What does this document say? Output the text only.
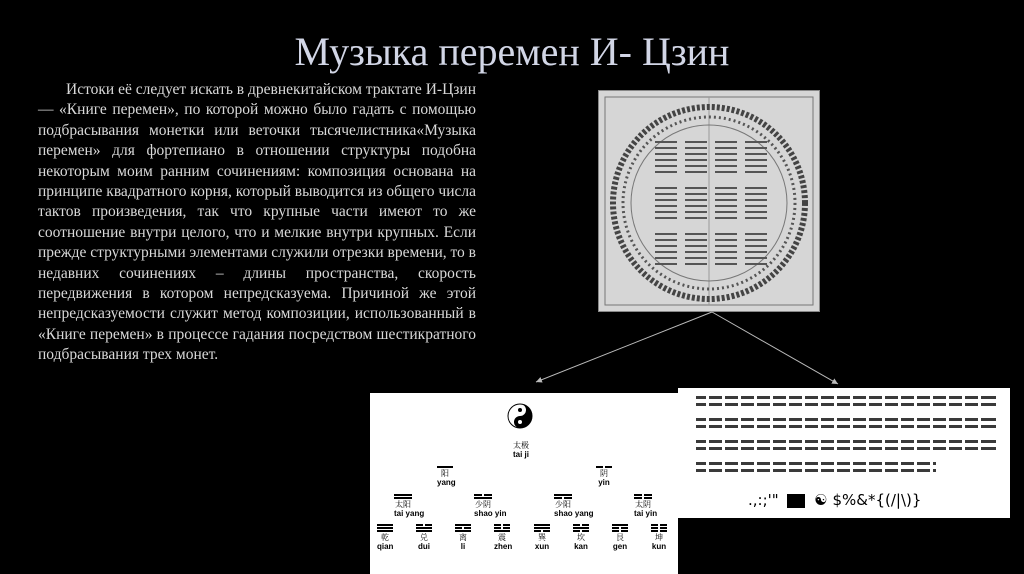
Музыка перемен И- Цзин

Истоки её следует искать в древнекитайском трактате И-Цзин — «Книге перемен», по которой можно было гадать с помощью подбрасывания монетки или веточки тысячелистника«Музыка перемен» для фортепиано в отношении структуры подобна некоторым моим ранним сочинениям: композиция основана на принципе квадратного корня, который выводится из общего числа тактов произведения, так что крупные части имеют то же соотношение внутри целого, что и мелкие внутри крупных. Если прежде структурными элементами служили отрезки времени, то в недавних сочинениях – длины пространства, скорость передвижения в котором непредсказуема. Причиной же этой непредсказуемости служит метод композиции, использованный в «Книге перемен» в процессе гадания посредством шестикратного подбрасывания трех монет.

太极
tai ji
阳
yang
阴
yin
太阳
tai yang
少阴
shao yin
少阳
shao yang
太阴
tai yin
乾
qian
兑
dui
离
li
震
zhen
巽
xun
坎
kan
艮
gen
坤
kun
.,:;'" ☯ $%&*{(/|\)}
